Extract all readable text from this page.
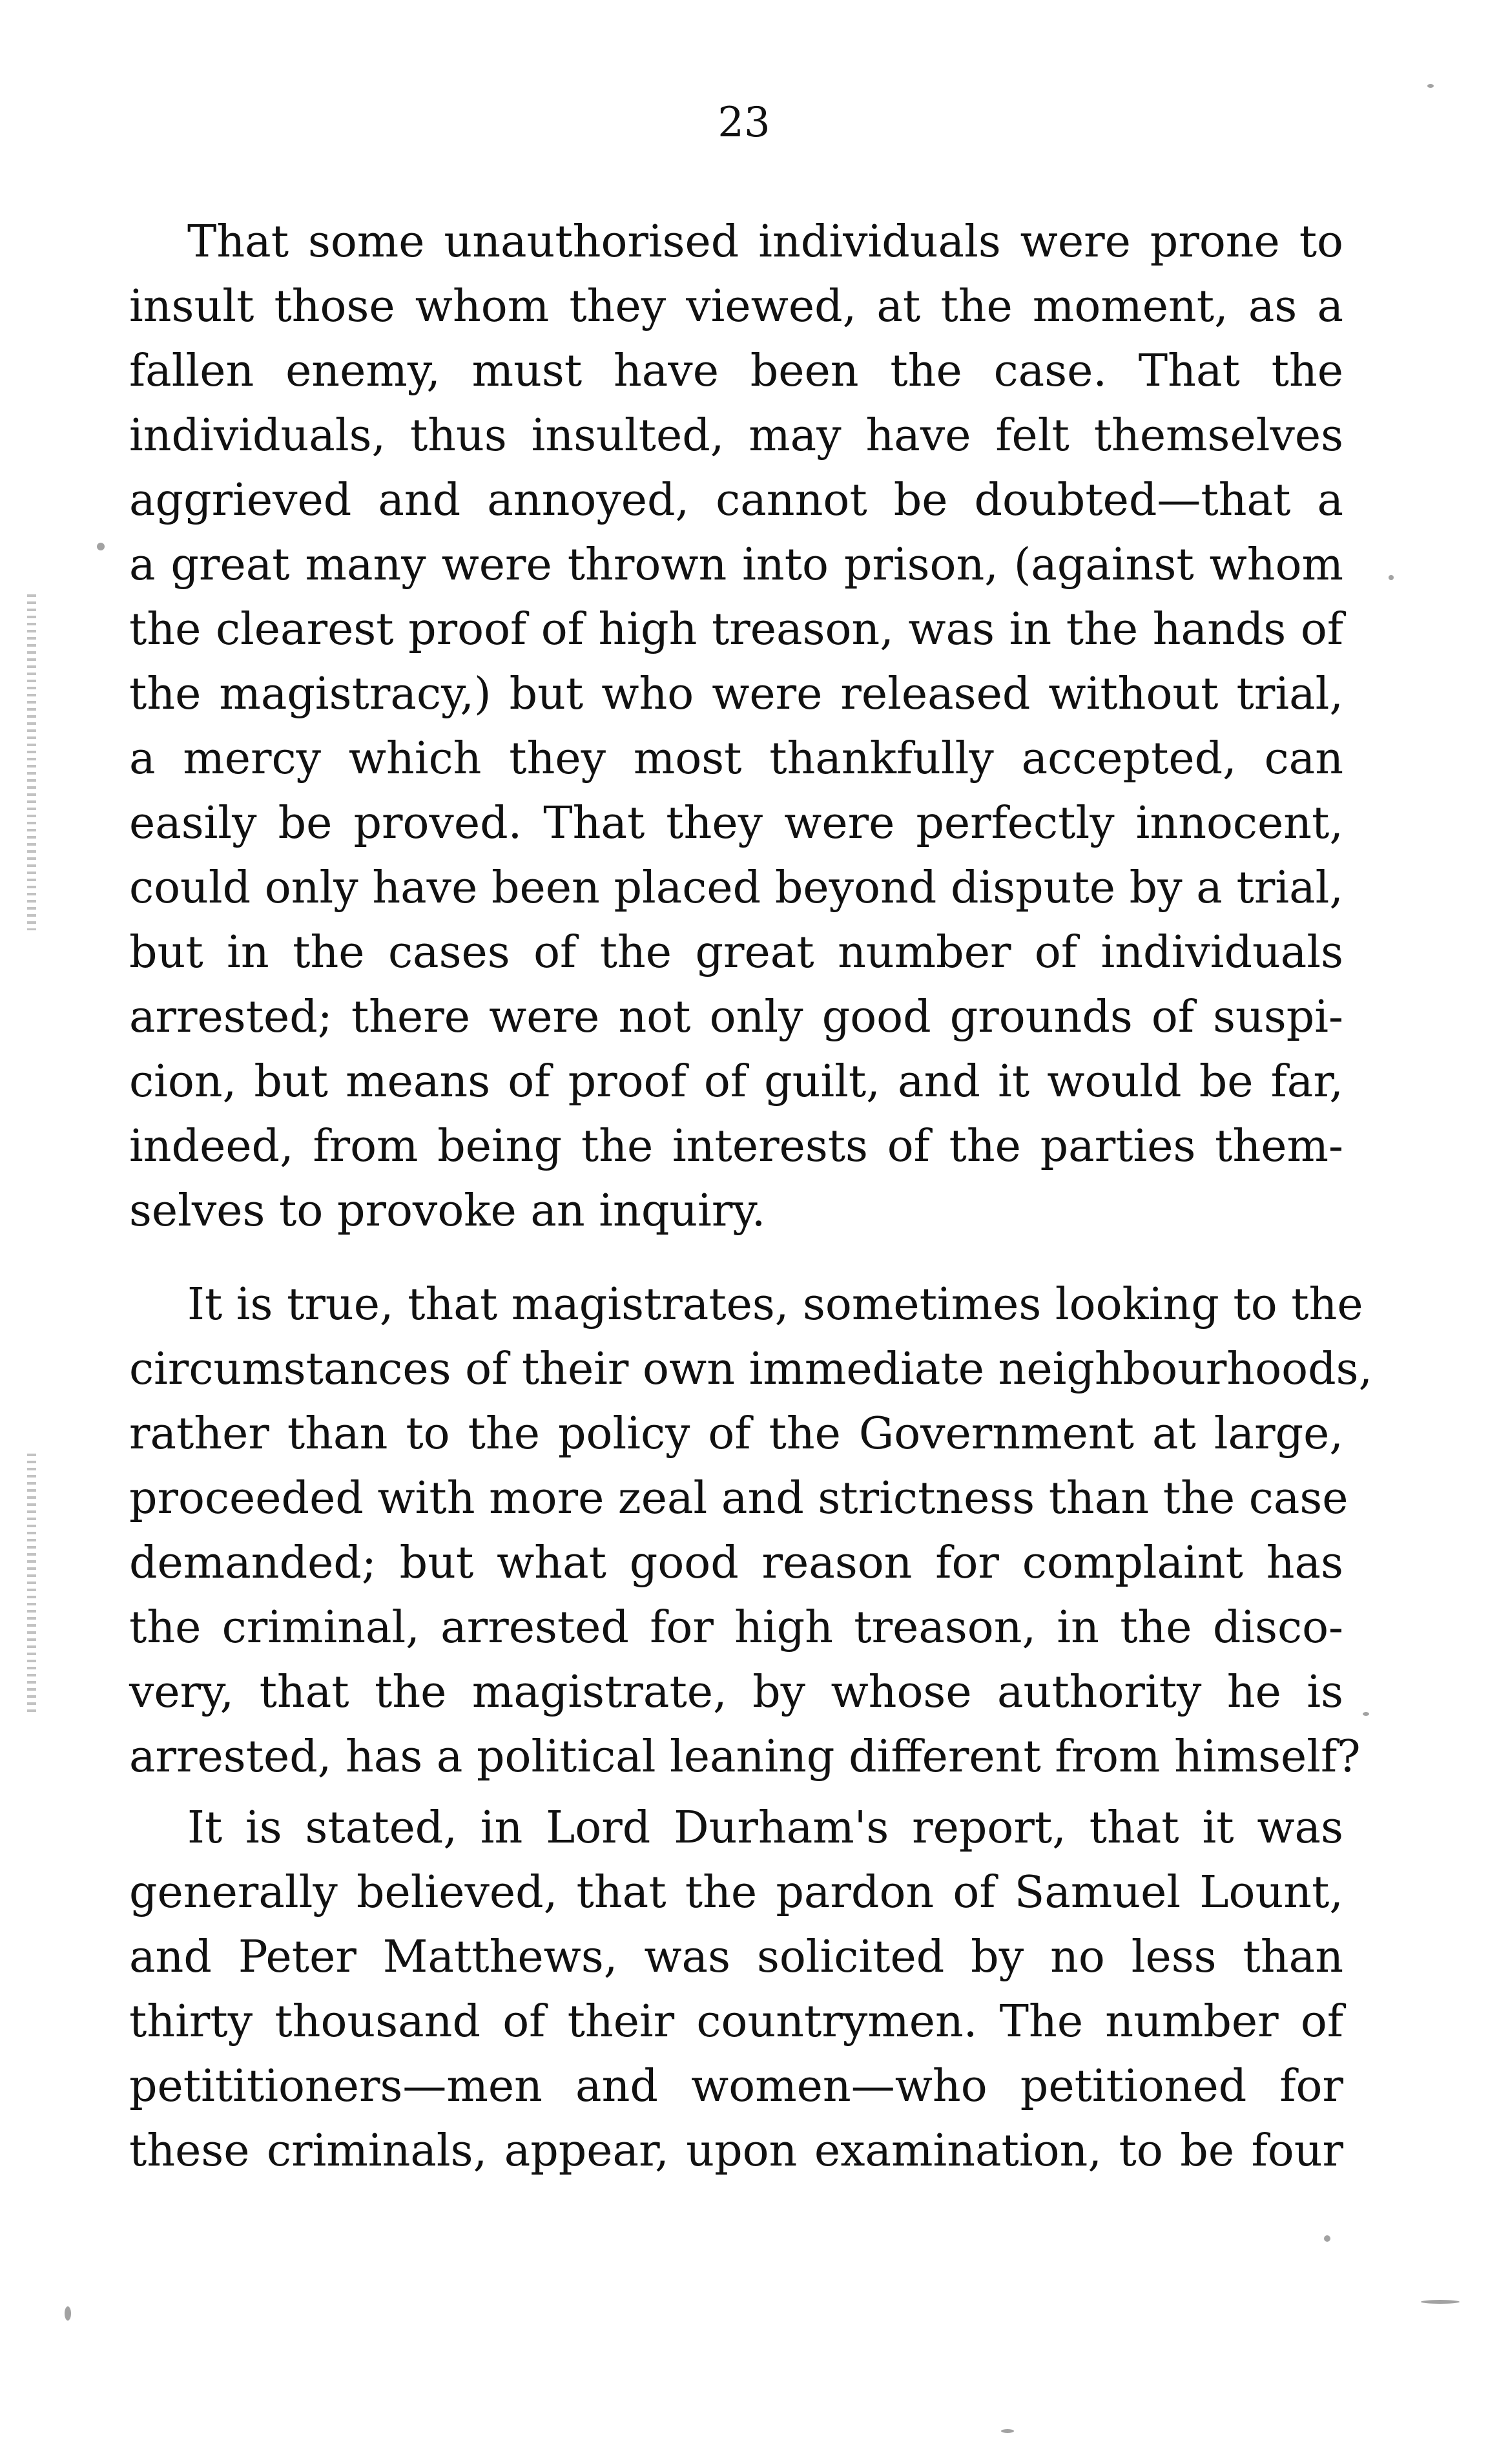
23
That some unauthorised individuals were prone to
insult those whom they viewed, at the moment, as a
fallen enemy, must have been the case. That the
individuals, thus insulted, may have felt themselves
aggrieved and annoyed, cannot be doubted—that a
a great many were thrown into prison, (against whom
the clearest proof of high treason, was in the hands of
the magistracy,) but who were released without trial,
a mercy which they most thankfully accepted, can
easily be proved. That they were perfectly innocent,
could only have been placed beyond dispute by a trial,
but in the cases of the great number of individuals
arrested; there were not only good grounds of suspi-
cion, but means of proof of guilt, and it would be far,
indeed, from being the interests of the parties them-
selves to provoke an inquiry.
It is true, that magistrates, sometimes looking to the
circumstances of their own immediate neighbourhoods,
rather than to the policy of the Government at large,
proceeded with more zeal and strictness than the case
demanded; but what good reason for complaint has
the criminal, arrested for high treason, in the disco-
very, that the magistrate, by whose authority he is
arrested, has a political leaning different from himself?
It is stated, in Lord Durham's report, that it was
generally believed, that the pardon of Samuel Lount,
and Peter Matthews, was solicited by no less than
thirty thousand of their countrymen. The number of
petititioners—men and women—who petitioned for
these criminals, appear, upon examination, to be four
